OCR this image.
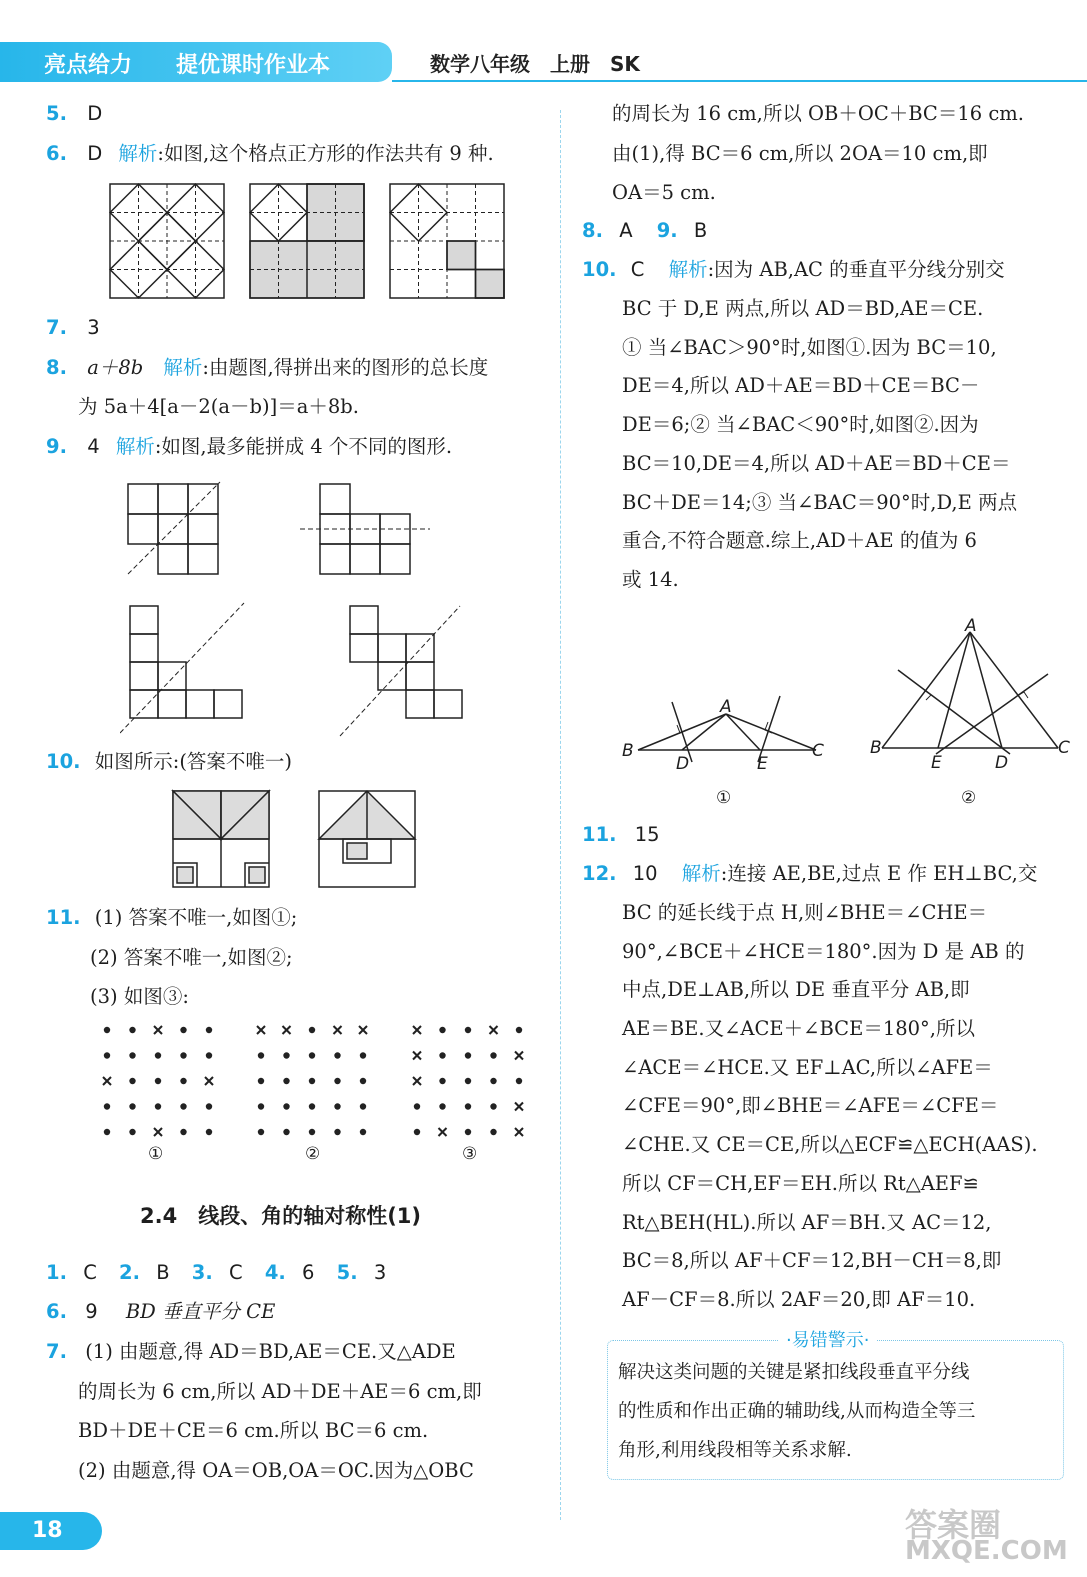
亮点给力 提优课时作业本	数学八年级　上册　SK
5. D
6. D 解析:如图,这个格点正方形的作法共有 9 种.
7. 3
8. a＋8b 解析:由题图,得拼出来的图形的总长度
为 5a＋4[a－2(a－b)]＝a＋8b.
9. 4 解析:如图,最多能拼成 4 个不同的图形.
10. 如图所示:(答案不唯一)
11. (1) 答案不唯一,如图①;
(2) 答案不唯一,如图②;
(3) 如图③:
①	②	③
2.4　线段、角的轴对称性(1)
1. C 2. B 3. C 4. 6 5. 3
6. 9 BD 垂直平分 CE
7. (1) 由题意,得 AD＝BD,AE＝CE.又△ADE
的周长为 6 cm,所以 AD＋DE＋AE＝6 cm,即
BD＋DE＋CE＝6 cm.所以 BC＝6 cm.
(2) 由题意,得 OA＝OB,OA＝OC.因为△OBC
的周长为 16 cm,所以 OB＋OC＋BC＝16 cm.
由(1),得 BC＝6 cm,所以 2OA＝10 cm,即
OA＝5 cm.
8. A 9. B
10. C 解析:因为 AB,AC 的垂直平分线分别交
BC 于 D,E 两点,所以 AD＝BD,AE＝CE.
① 当∠BAC＞90°时,如图①.因为 BC＝10,
DE＝4,所以 AD＋AE＝BD＋CE＝BC－
DE＝6;② 当∠BAC＜90°时,如图②.因为
BC＝10,DE＝4,所以 AD＋AE＝BD＋CE＝
BC＋DE＝14;③ 当∠BAC＝90°时,D,E 两点
重合,不符合题意.综上,AD＋AE 的值为 6
或 14.
A
B	C
D	E
①
A
B	C
D
E
②
11. 15
12. 10 解析:连接 AE,BE,过点 E 作 EH⊥BC,交
BC 的延长线于点 H,则∠BHE＝∠CHE＝
90°,∠BCE＋∠HCE＝180°.因为 D 是 AB 的
中点,DE⊥AB,所以 DE 垂直平分 AB,即
AE＝BE.又∠ACE＋∠BCE＝180°,所以
∠ACE＝∠HCE.又 EF⊥AC,所以∠AFE＝
∠CFE＝90°,即∠BHE＝∠AFE＝∠CFE＝
∠CHE.又 CE＝CE,所以△ECF≌△ECH(AAS).
所以 CF＝CH,EF＝EH.所以 Rt△AEF≌
Rt△BEH(HL).所以 AF＝BH.又 AC＝12,
BC＝8,所以 AF＋CF＝12,BH－CH＝8,即
AF－CF＝8.所以 2AF＝20,即 AF＝10.
·易错警示·
解决这类问题的关键是紧扣线段垂直平分线
的性质和作出正确的辅助线,从而构造全等三
角形,利用线段相等关系求解.
18	答案圈
MXQE.COM
